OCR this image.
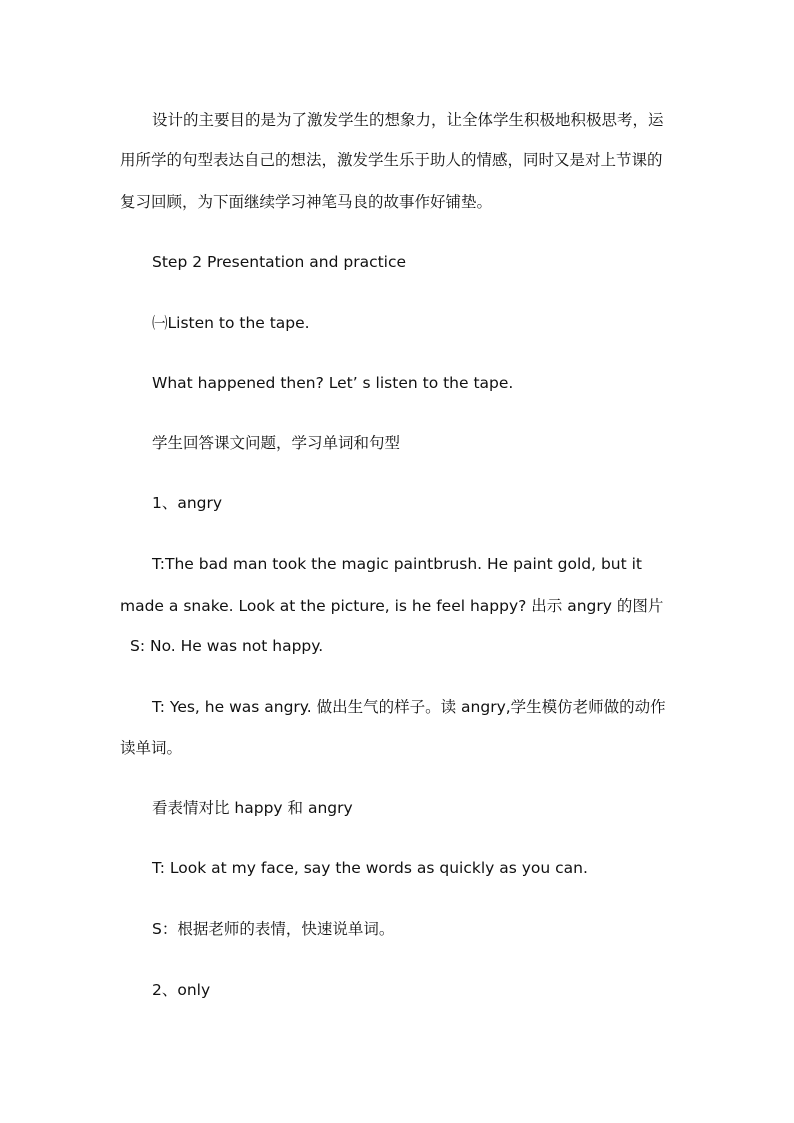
设计的主要目的是为了激发学生的想象力，让全体学生积极地积极思考，运
用所学的句型表达自己的想法，激发学生乐于助人的情感，同时又是对上节课的
复习回顾，为下面继续学习神笔马良的故事作好铺垫。
Step 2 Presentation and practice
㈠Listen to the tape.
What happened then? Let’ s listen to the tape.
学生回答课文问题，学习单词和句型
1、angry
T:The bad man took the magic paintbrush. He paint gold, but it
made a snake. Look at the picture, is he feel happy? 出示 angry 的图片
S: No. He was not happy.
T: Yes, he was angry. 做出生气的样子。读 angry,学生模仿老师做的动作
读单词。
看表情对比 happy 和 angry
T: Look at my face, say the words as quickly as you can.
S：根据老师的表情，快速说单词。
2、only
